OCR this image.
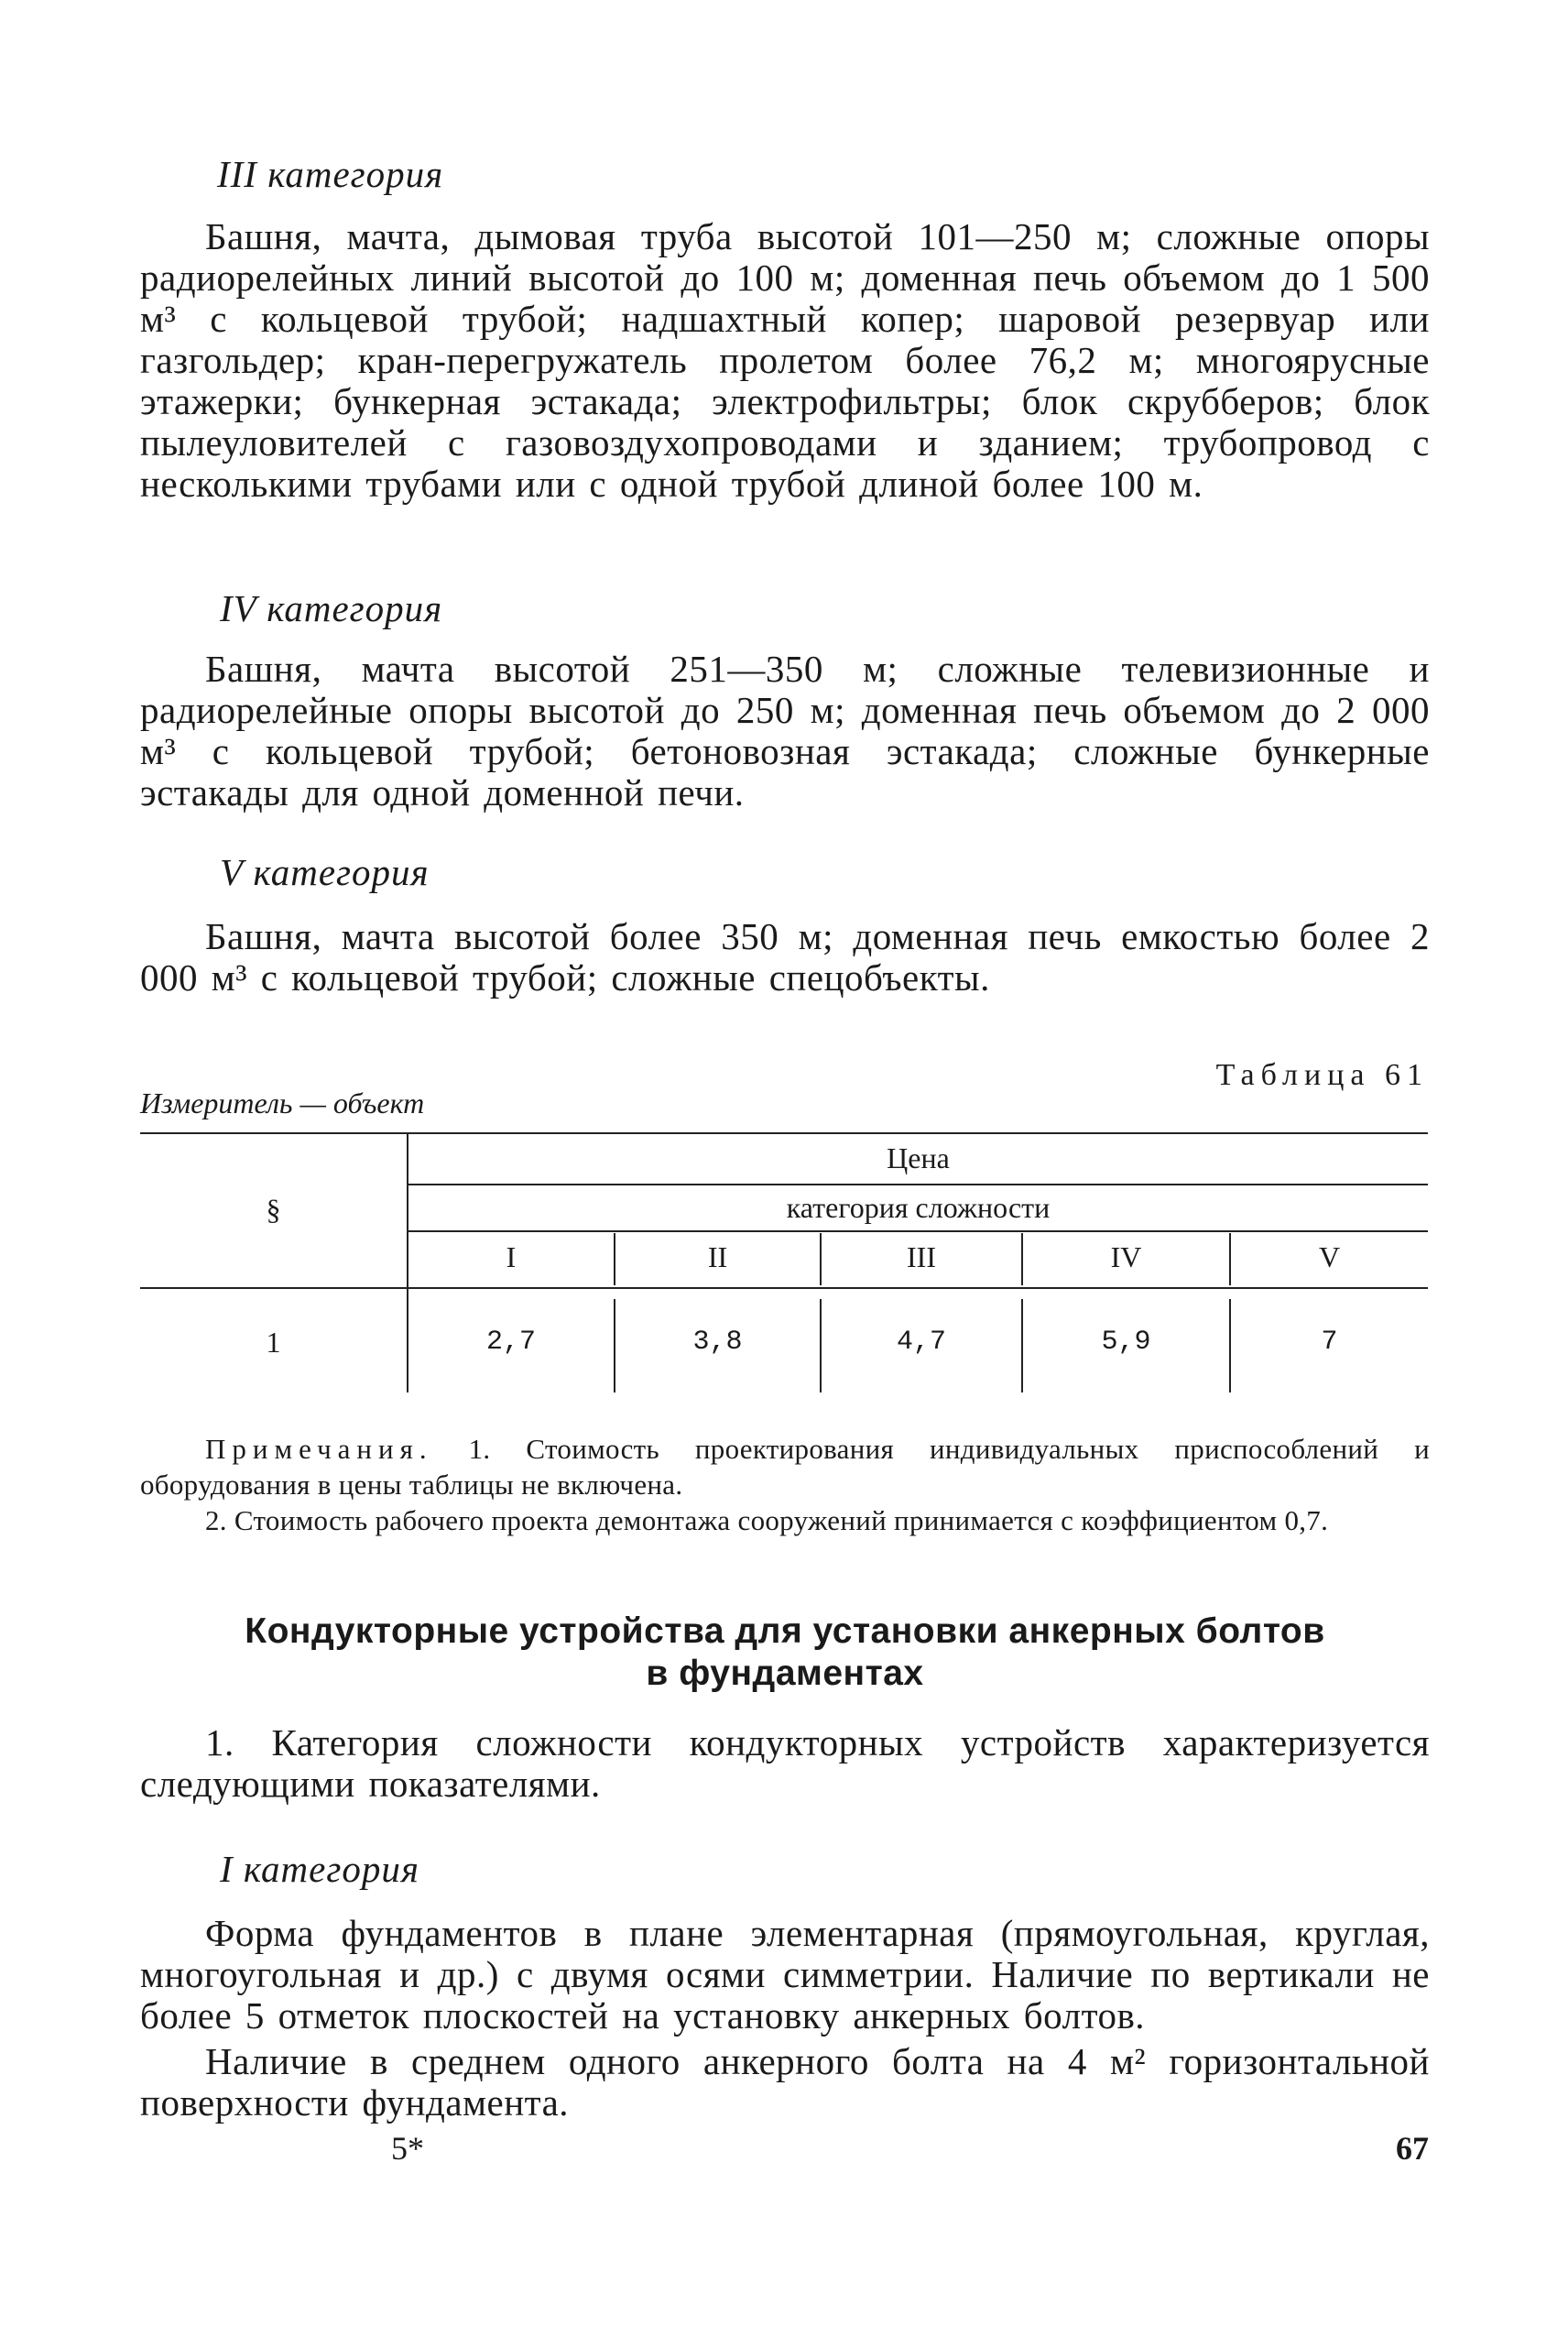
III категория
Башня, мачта, дымовая труба высотой 101—250 м; сложные опоры радиорелейных линий высотой до 100 м; доменная печь объемом до 1 500 м³ с кольцевой трубой; надшахтный копер; шаровой резервуар или газгольдер; кран-перегружатель пролетом более 76,2 м; многоярусные этажерки; бункерная эстакада; электрофильтры; блок скрубберов; блок пылеуловителей с газовоздухопроводами и зданием; трубопровод с несколькими трубами или с одной трубой длиной более 100 м.
IV категория
Башня, мачта высотой 251—350 м; сложные телевизионные и радиорелейные опоры высотой до 250 м; доменная печь объемом до 2 000 м³ с кольцевой трубой; бетоновозная эстакада; сложные бункерные эстакады для одной доменной печи.
V категория
Башня, мачта высотой более 350 м; доменная печь емкостью более 2 000 м³ с кольцевой трубой; сложные спецобъекты.
Таблица 61
Измеритель — объект
§
Цена
категория сложности
I	II	III	IV	V
1	2,7	3,8	4,7	5,9	7
Примечания. 1. Стоимость проектирования индивидуальных приспособлений и оборудования в цены таблицы не включена.
2. Стоимость рабочего проекта демонтажа сооружений принимается с коэффициентом 0,7.
Кондукторные устройства для установки анкерных болтов
в фундаментах
1. Категория сложности кондукторных устройств характеризуется следующими показателями.
I категория
Форма фундаментов в плане элементарная (прямоугольная, круглая, многоугольная и др.) с двумя осями симметрии. Наличие по вертикали не более 5 отметок плоскостей на установку анкерных болтов.
Наличие в среднем одного анкерного болта на 4 м² горизонтальной поверхности фундамента.
5*	67
